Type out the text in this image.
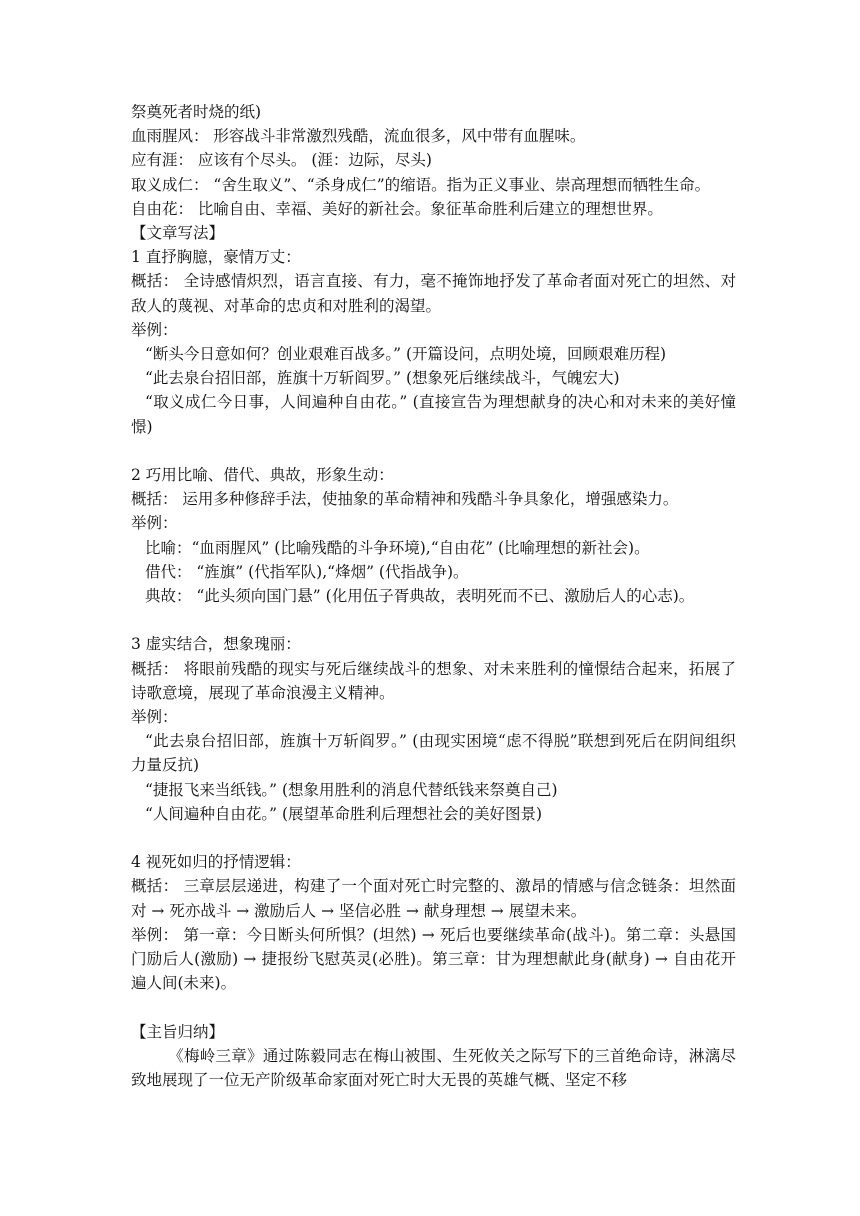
祭奠死者时烧的纸)

血雨腥风： 形容战斗非常激烈残酷，流血很多，风中带有血腥味。

应有涯： 应该有个尽头。 (涯：边际，尽头)

取义成仁： “舍生取义”、“杀身成仁”的缩语。指为正义事业、崇高理想而牺牲生命。

自由花： 比喻自由、幸福、美好的新社会。象征革命胜利后建立的理想世界。

【文章写法】

1 直抒胸臆，豪情万丈：

概括： 全诗感情炽烈，语言直接、有力，毫不掩饰地抒发了革命者面对死亡的坦然、对敌人的蔑视、对革命的忠贞和对胜利的渴望。

举例：

“断头今日意如何？创业艰难百战多。” (开篇设问，点明处境，回顾艰难历程)

“此去泉台招旧部，旌旗十万斩阎罗。” (想象死后继续战斗，气魄宏大)

“取义成仁今日事，人间遍种自由花。” (直接宣告为理想献身的决心和对未来的美好憧憬)

2 巧用比喻、借代、典故，形象生动：

概括： 运用多种修辞手法，使抽象的革命精神和残酷斗争具象化，增强感染力。

举例：

比喻：“血雨腥风” (比喻残酷的斗争环境),“自由花” (比喻理想的新社会)。

借代： “旌旗” (代指军队),“烽烟” (代指战争)。

典故： “此头须向国门悬” (化用伍子胥典故，表明死而不已、激励后人的心志)。

3 虚实结合，想象瑰丽：

概括： 将眼前残酷的现实与死后继续战斗的想象、对未来胜利的憧憬结合起来，拓展了诗歌意境，展现了革命浪漫主义精神。

举例：

“此去泉台招旧部，旌旗十万斩阎罗。” (由现实困境“虑不得脱”联想到死后在阴间组织力量反抗)

“捷报飞来当纸钱。” (想象用胜利的消息代替纸钱来祭奠自己)

“人间遍种自由花。” (展望革命胜利后理想社会的美好图景)

4 视死如归的抒情逻辑：

概括： 三章层层递进，构建了一个面对死亡时完整的、激昂的情感与信念链条：坦然面对 → 死亦战斗 → 激励后人 → 坚信必胜 → 献身理想 → 展望未来。

举例： 第一章：今日断头何所惧？(坦然) → 死后也要继续革命(战斗)。第二章：头悬国门励后人(激励) → 捷报纷飞慰英灵(必胜)。第三章：甘为理想献此身(献身) → 自由花开遍人间(未来)。

【主旨归纳】

《梅岭三章》通过陈毅同志在梅山被围、生死攸关之际写下的三首绝命诗，淋漓尽致地展现了一位无产阶级革命家面对死亡时大无畏的英雄气概、坚定不移
